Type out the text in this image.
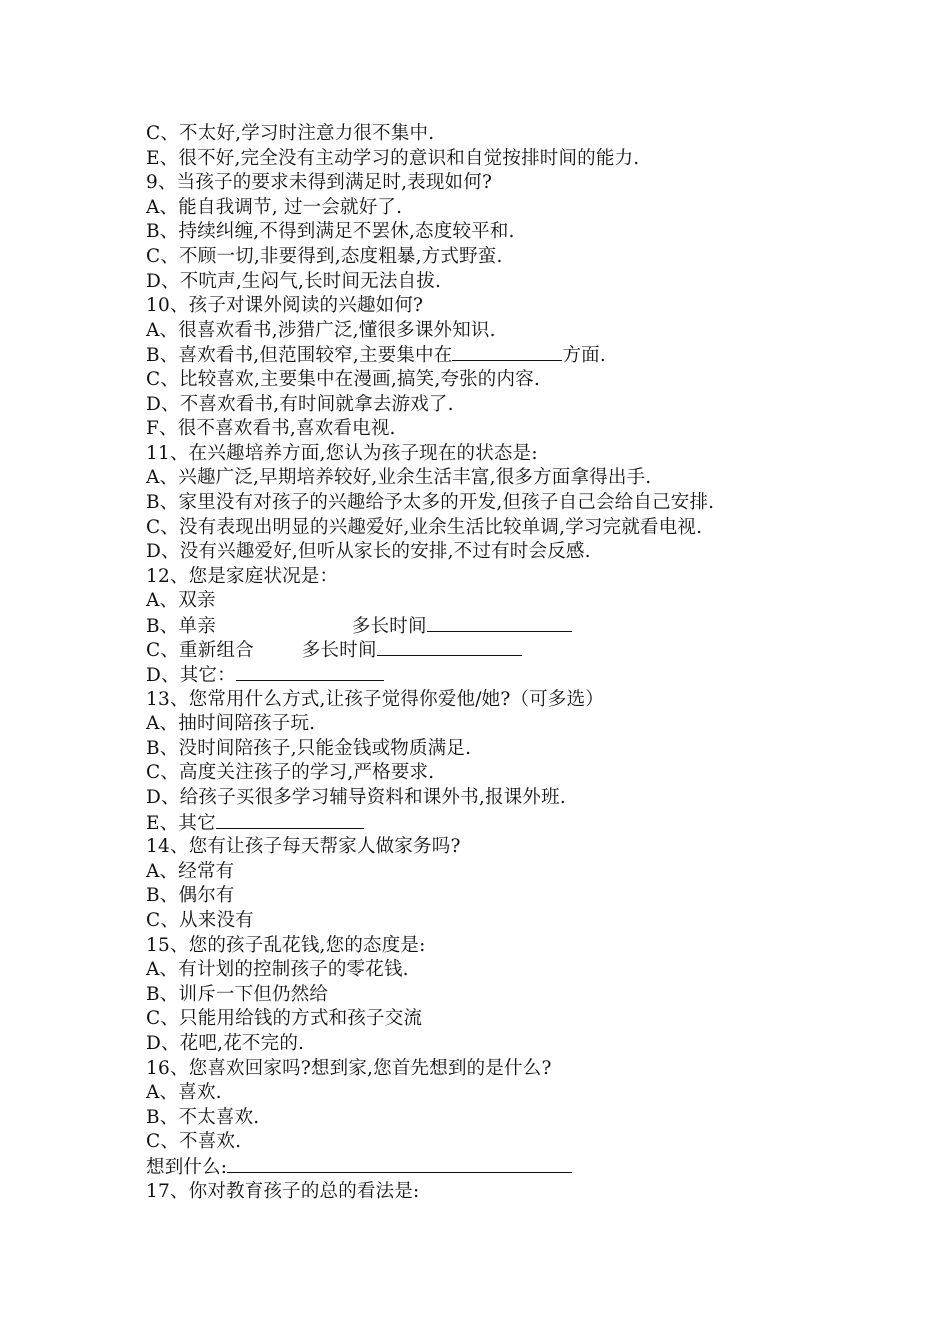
C、不太好,学习时注意力很不集中.
E、很不好,完全没有主动学习的意识和自觉按排时间的能力.
9、当孩子的要求未得到满足时,表现如何?
A、能自我调节, 过一会就好了.
B、持续纠缠,不得到满足不罢休,态度较平和.
C、不顾一切,非要得到,态度粗暴,方式野蛮.
D、不吭声,生闷气,长时间无法自拔.
10、孩子对课外阅读的兴趣如何?
A、很喜欢看书,涉猎广泛,懂很多课外知识.
B、喜欢看书,但范围较窄,主要集中在	方面.
C、比较喜欢,主要集中在漫画,搞笑,夸张的内容.
D、不喜欢看书,有时间就拿去游戏了.
F、很不喜欢看书,喜欢看电视.
11、在兴趣培养方面,您认为孩子现在的状态是:
A、兴趣广泛,早期培养较好,业余生活丰富,很多方面拿得出手.
B、家里没有对孩子的兴趣给予太多的开发,但孩子自己会给自己安排.
C、没有表现出明显的兴趣爱好,业余生活比较单调,学习完就看电视.
D、没有兴趣爱好,但听从家长的安排,不过有时会反感.
12、您是家庭状况是：
A、双亲
B、单亲	多长时间
C、重新组合	多长时间
D、其它：
13、您常用什么方式,让孩子觉得你爱他/她?（可多选）
A、抽时间陪孩子玩.
B、没时间陪孩子,只能金钱或物质满足.
C、高度关注孩子的学习,严格要求.
D、给孩子买很多学习辅导资料和课外书,报课外班.
E、其它
14、您有让孩子每天帮家人做家务吗?
A、经常有
B、偶尔有
C、从来没有
15、您的孩子乱花钱,您的态度是:
A、有计划的控制孩子的零花钱.
B、训斥一下但仍然给
C、只能用给钱的方式和孩子交流
D、花吧,花不完的.
16、您喜欢回家吗?想到家,您首先想到的是什么?
A、喜欢.
B、不太喜欢.
C、不喜欢.
想到什么:
17、你对教育孩子的总的看法是:
